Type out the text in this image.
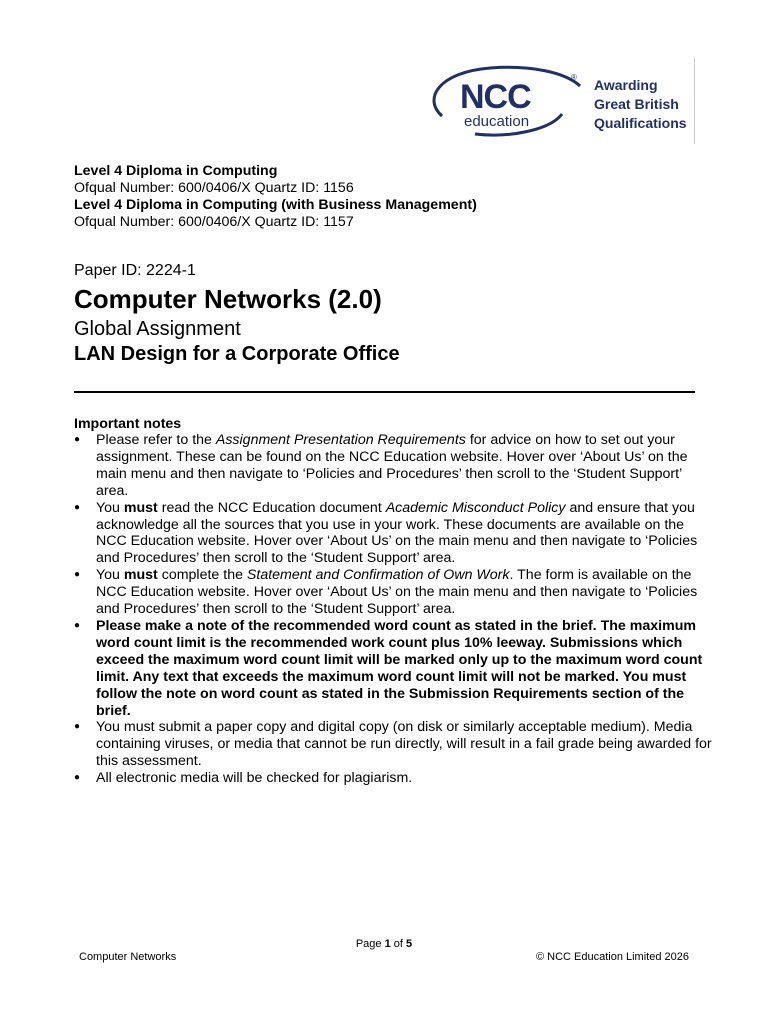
NCC
education
® Awarding
Great British
Qualifications
Level 4 Diploma in Computing
Ofqual Number: 600/0406/X Quartz ID: 1156
Level 4 Diploma in Computing (with Business Management)
Ofqual Number: 600/0406/X Quartz ID: 1157
Paper ID: 2224-1
Computer Networks (2.0)
Global Assignment
LAN Design for a Corporate Office
Important notes
● Please refer to the Assignment Presentation Requirements for advice on how to set out your assignment. These can be found on the NCC Education website. Hover over ‘About Us’ on the main menu and then navigate to ‘Policies and Procedures’ then scroll to the ‘Student Support’ area.
● You must read the NCC Education document Academic Misconduct Policy and ensure that you acknowledge all the sources that you use in your work. These documents are available on the NCC Education website. Hover over ‘About Us’ on the main menu and then navigate to ‘Policies and Procedures’ then scroll to the ‘Student Support’ area.
● You must complete the Statement and Confirmation of Own Work. The form is available on the NCC Education website. Hover over ‘About Us’ on the main menu and then navigate to ‘Policies and Procedures’ then scroll to the ‘Student Support’ area.
● Please make a note of the recommended word count as stated in the brief. The maximum word count limit is the recommended work count plus 10% leeway. Submissions which exceed the maximum word count limit will be marked only up to the maximum word count limit. Any text that exceeds the maximum word count limit will not be marked. You must follow the note on word count as stated in the Submission Requirements section of the brief.
● You must submit a paper copy and digital copy (on disk or similarly acceptable medium). Media containing viruses, or media that cannot be run directly, will result in a fail grade being awarded for this assessment.
● All electronic media will be checked for plagiarism.
Page 1 of 5
Computer Networks	© NCC Education Limited 2026
